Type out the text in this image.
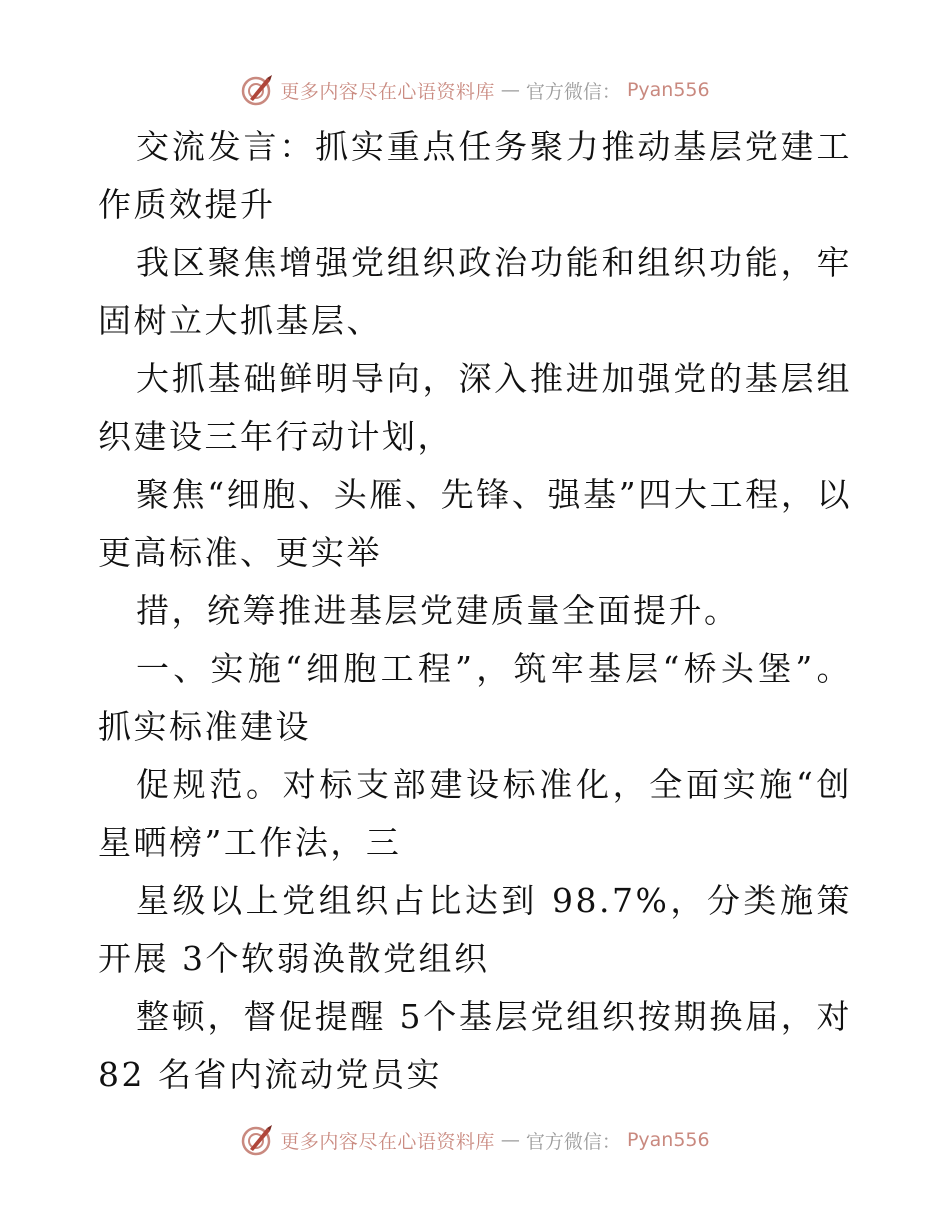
更多内容尽在心语资料库 — 官方微信： Pyan556

交流发言：抓实重点任务聚力推动基层党建工作质效提升

我区聚焦增强党组织政治功能和组织功能，牢固树立大抓基层、

大抓基础鲜明导向，深入推进加强党的基层组织建设三年行动计划，

聚焦“细胞、头雁、先锋、强基”四大工程，以更高标准、更实举

措，统筹推进基层党建质量全面提升。

一、实施“细胞工程”，筑牢基层“桥头堡”。抓实标准建设

促规范。对标支部建设标准化，全面实施“创星晒榜”工作法，三

星级以上党组织占比达到 98.7%，分类施策开展 3个软弱涣散党组织

整顿，督促提醒 5个基层党组织按期换届，对 82 名省内流动党员实

更多内容尽在心语资料库 — 官方微信： Pyan556
